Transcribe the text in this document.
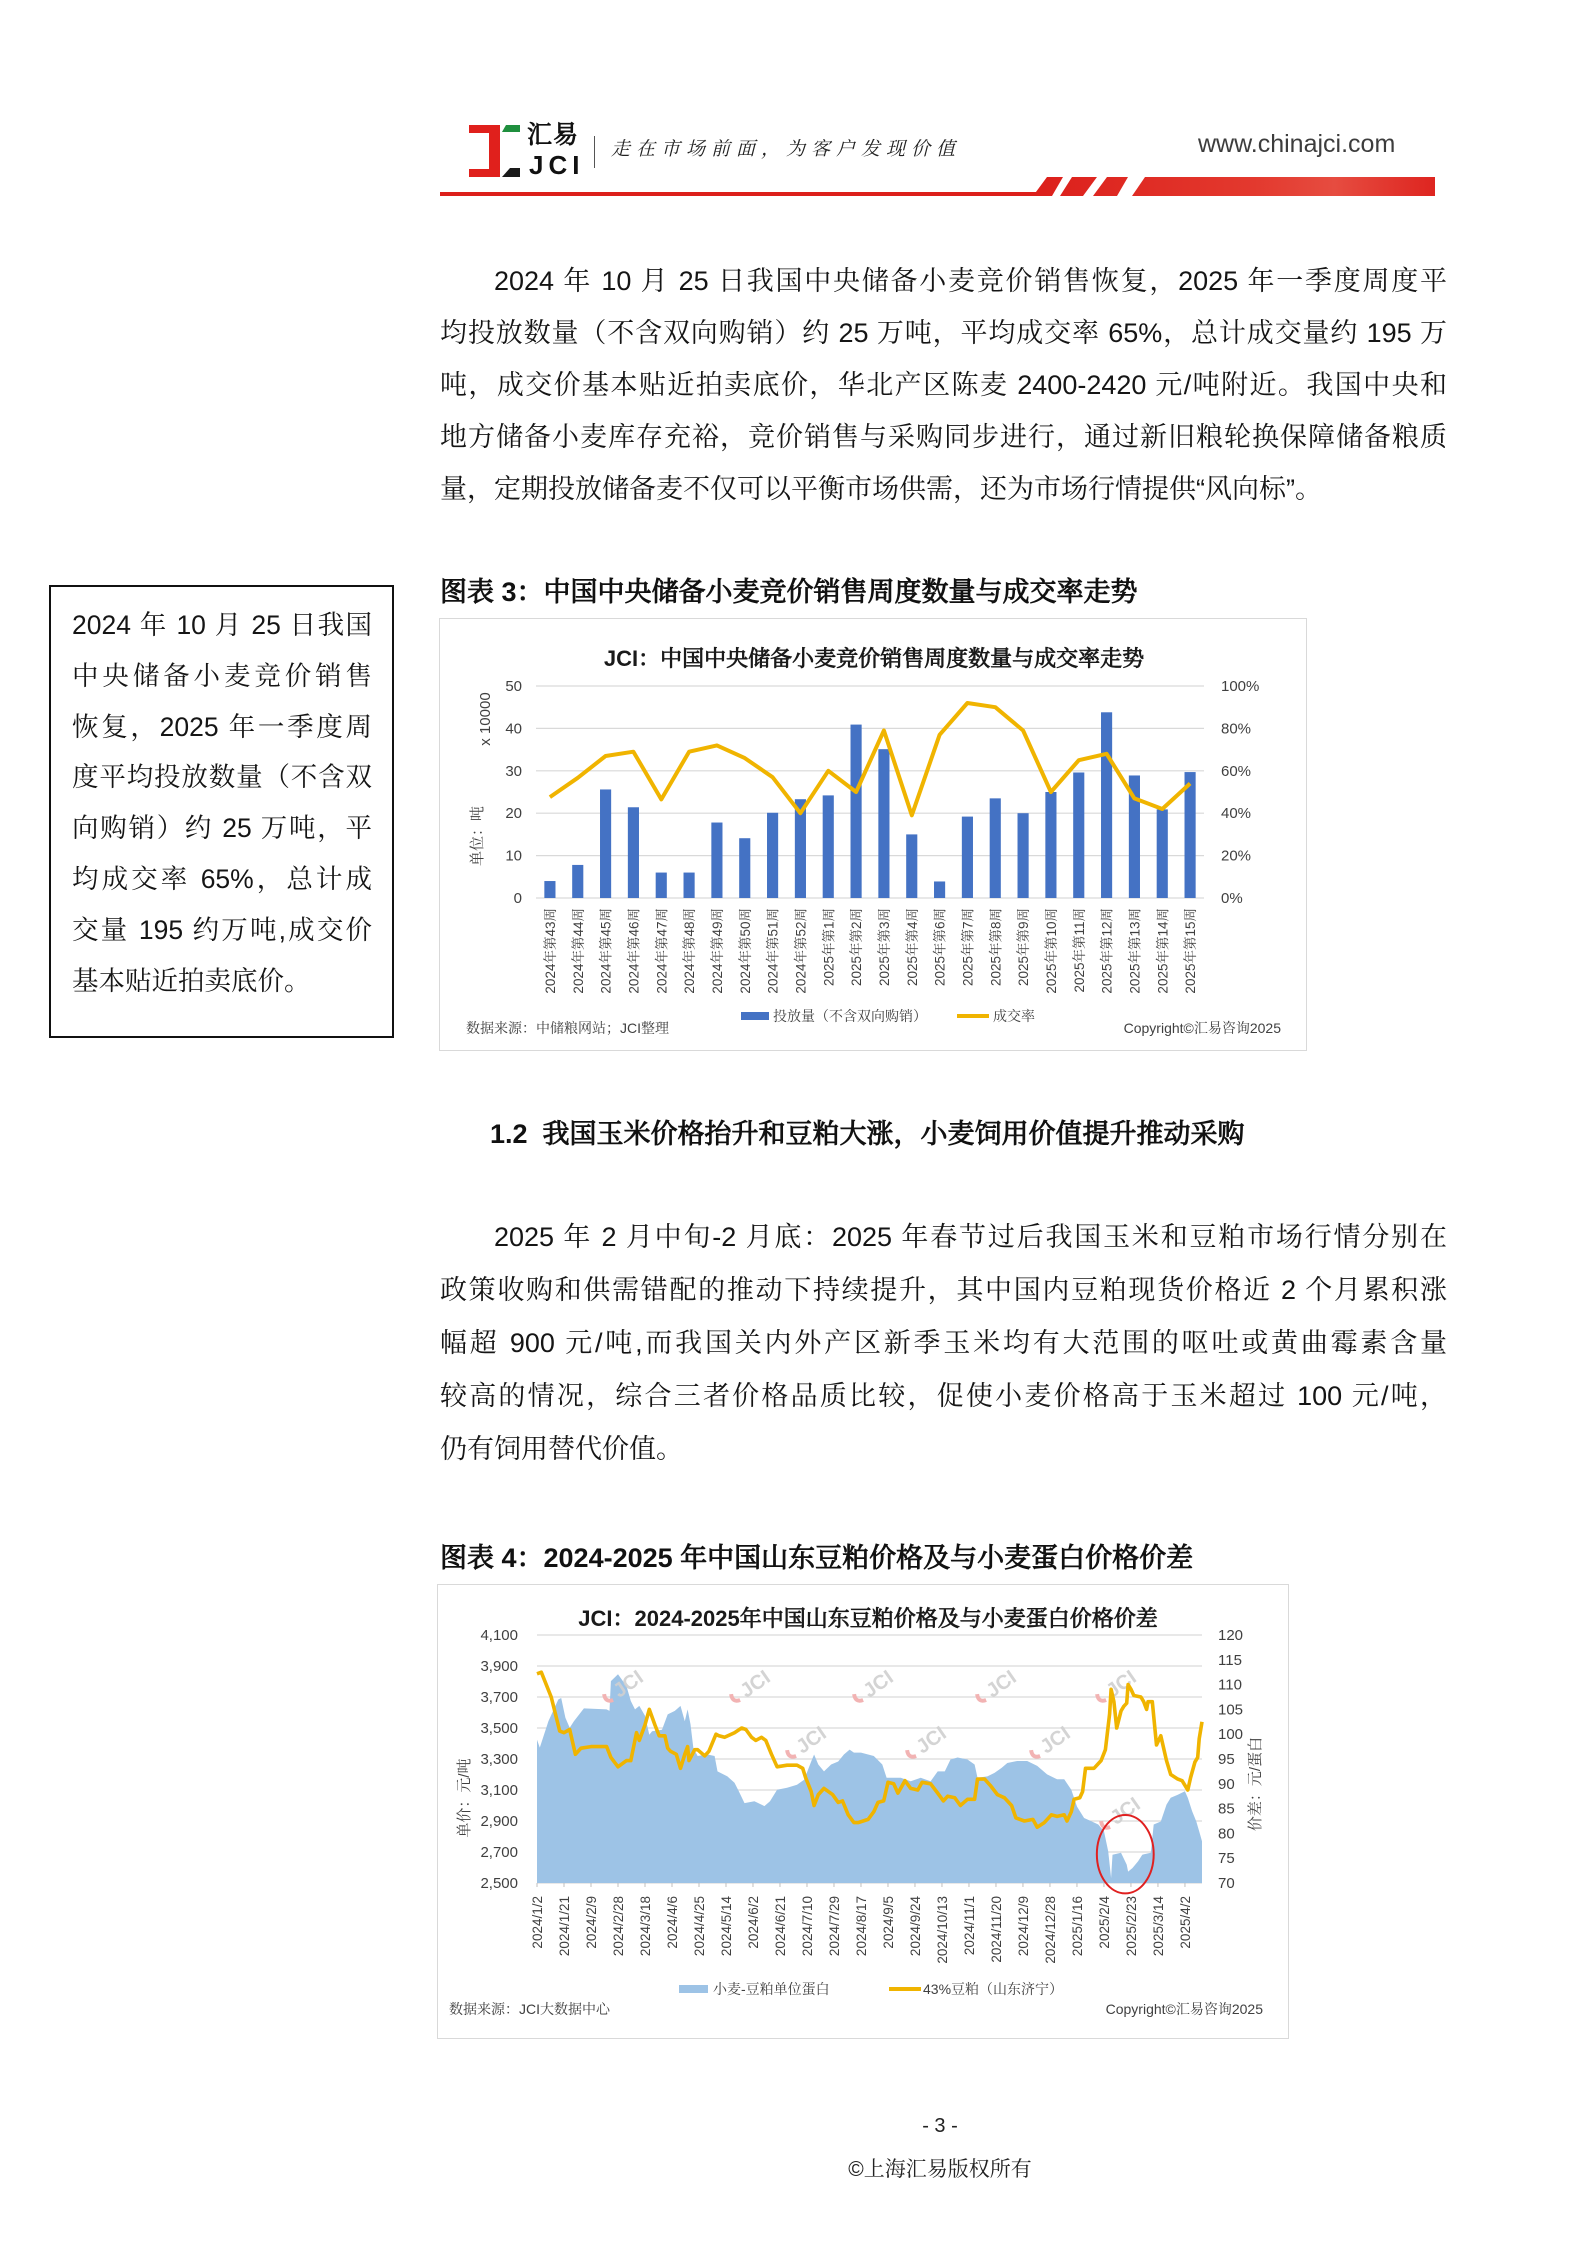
汇易
JCI
走在市场前面，为客户发现价值	www.chinajci.com
2024 年 10 月 25 日我国中央储备小麦竞价销售恢复，2025 年一季度周度平
均投放数量（不含双向购销）约 25 万吨，平均成交率 65%，总计成交量约 195 万
吨，成交价基本贴近拍卖底价，华北产区陈麦 2400-2420 元/吨附近。我国中央和
地方储备小麦库存充裕，竞价销售与采购同步进行，通过新旧粮轮换保障储备粮质
量，定期投放储备麦不仅可以平衡市场供需，还为市场行情提供“风向标”。
2024 年 10 月 25 日我国
中央储备小麦竞价销售
恢复，2025 年一季度周
度平均投放数量（不含双
向购销）约 25 万吨，平
均成交率 65%，总计成
交量 195 约万吨,成交价
基本贴近拍卖底价。
图表 3：中国中央储备小麦竞价销售周度数量与成交率走势
JCI：中国中央储备小麦竞价销售周度数量与成交率走势
0
10
20
30
40
50
0%
20%
40%
60%
80%
100%
x 10000
单位：吨
2024年第43周 2024年第44周 2024年第45周 2024年第46周 2024年第47周 2024年第48周 2024年第49周 2024年第50周 2024年第51周 2024年第52周 2025年第1周 2025年第2周 2025年第3周 2025年第4周 2025年第6周 2025年第7周 2025年第8周 2025年第9周 2025年第10周 2025年第11周 2025年第12周 2025年第13周 2025年第14周 2025年第15周
投放量（不含双向购销）	成交率
数据来源：中储粮网站；JCI整理	Copyright©汇易咨询2025
1.2  我国玉米价格抬升和豆粕大涨，小麦饲用价值提升推动采购
2025 年 2 月中旬-2 月底：2025 年春节过后我国玉米和豆粕市场行情分别在
政策收购和供需错配的推动下持续提升，其中国内豆粕现货价格近 2 个月累积涨
幅超 900 元/吨,而我国关内外产区新季玉米均有大范围的呕吐或黄曲霉素含量
较高的情况，综合三者价格品质比较，促使小麦价格高于玉米超过 100 元/吨，
仍有饲用替代价值。
图表 4：2024-2025 年中国山东豆粕价格及与小麦蛋白价格价差
JCI：2024-2025年中国山东豆粕价格及与小麦蛋白价格价差
2,500
2,700
2,900
3,100
3,300
3,500
3,700
3,900
4,100
70
75
80
85
90
95
100
105
110
115
120
单价：元/吨	价差：元/蛋白
JCI	JCI	JCI	JCI	JCI
JCI	JCI	JCI
JCI
2024/1/2 2024/1/21 2024/2/9 2024/2/28 2024/3/18 2024/4/6 2024/4/25 2024/5/14 2024/6/2 2024/6/21 2024/7/10 2024/7/29 2024/8/17 2024/9/5 2024/9/24 2024/10/13 2024/11/1 2024/11/20 2024/12/9 2024/12/28 2025/1/16 2025/2/4 2025/2/23 2025/3/14 2025/4/2
小麦-豆粕单位蛋白	43%豆粕（山东济宁）
数据来源：JCI大数据中心	Copyright©汇易咨询2025
- 3 -
©上海汇易版权所有
